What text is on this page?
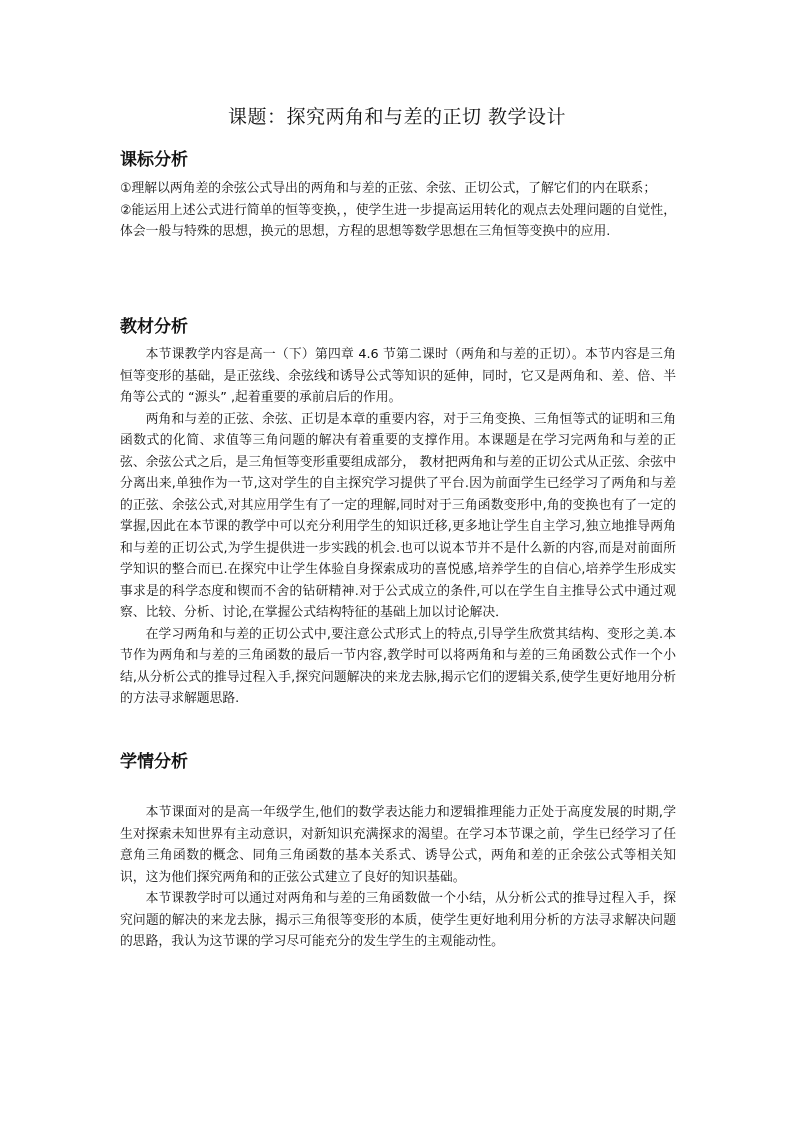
课题：探究两角和与差的正切 教学设计
课标分析

①理解以两角差的余弦公式导出的两角和与差的正弦、余弦、正切公式，了解它们的内在联系；

②能运用上述公式进行简单的恒等变换，，使学生进一步提高运用转化的观点去处理问题的自觉性，体会一般与特殊的思想，换元的思想，方程的思想等数学思想在三角恒等变换中的应用.

教材分析

本节课教学内容是高一（下）第四章 4.6 节第二课时（两角和与差的正切）。本节内容是三角恒等变形的基础，是正弦线、余弦线和诱导公式等知识的延伸，同时，它又是两角和、差、倍、半角等公式的 “源头” ,起着重要的承前启后的作用。

两角和与差的正弦、余弦、正切是本章的重要内容，对于三角变换、三角恒等式的证明和三角函数式的化简、求值等三角问题的解决有着重要的支撑作用。本课题是在学习完两角和与差的正弦、余弦公式之后，是三角恒等变形重要组成部分， 教材把两角和与差的正切公式从正弦、余弦中分离出来,单独作为一节,这对学生的自主探究学习提供了平台.因为前面学生已经学习了两角和与差的正弦、余弦公式,对其应用学生有了一定的理解,同时对于三角函数变形中,角的变换也有了一定的掌握,因此在本节课的教学中可以充分利用学生的知识迁移,更多地让学生自主学习,独立地推导两角和与差的正切公式,为学生提供进一步实践的机会.也可以说本节并不是什么新的内容,而是对前面所学知识的整合而已.在探究中让学生体验自身探索成功的喜悦感,培养学生的自信心,培养学生形成实事求是的科学态度和锲而不舍的钻研精神.对于公式成立的条件,可以在学生自主推导公式中通过观察、比较、分析、讨论,在掌握公式结构特征的基础上加以讨论解决．

在学习两角和与差的正切公式中,要注意公式形式上的特点,引导学生欣赏其结构、变形之美.本节作为两角和与差的三角函数的最后一节内容,教学时可以将两角和与差的三角函数公式作一个小结,从分析公式的推导过程入手,探究问题解决的来龙去脉,揭示它们的逻辑关系,使学生更好地用分析的方法寻求解题思路.

学情分析

本节课面对的是高一年级学生,他们的数学表达能力和逻辑推理能力正处于高度发展的时期,学生对探索未知世界有主动意识，对新知识充满探求的渴望。在学习本节课之前，学生已经学习了任意角三角函数的概念、同角三角函数的基本关系式、诱导公式，两角和差的正余弦公式等相关知识，这为他们探究两角和的正弦公式建立了良好的知识基础。

本节课教学时可以通过对两角和与差的三角函数做一个小结，从分析公式的推导过程入手，探究问题的解决的来龙去脉，揭示三角很等变形的本质，使学生更好地利用分析的方法寻求解决问题的思路，我认为这节课的学习尽可能充分的发生学生的主观能动性。
